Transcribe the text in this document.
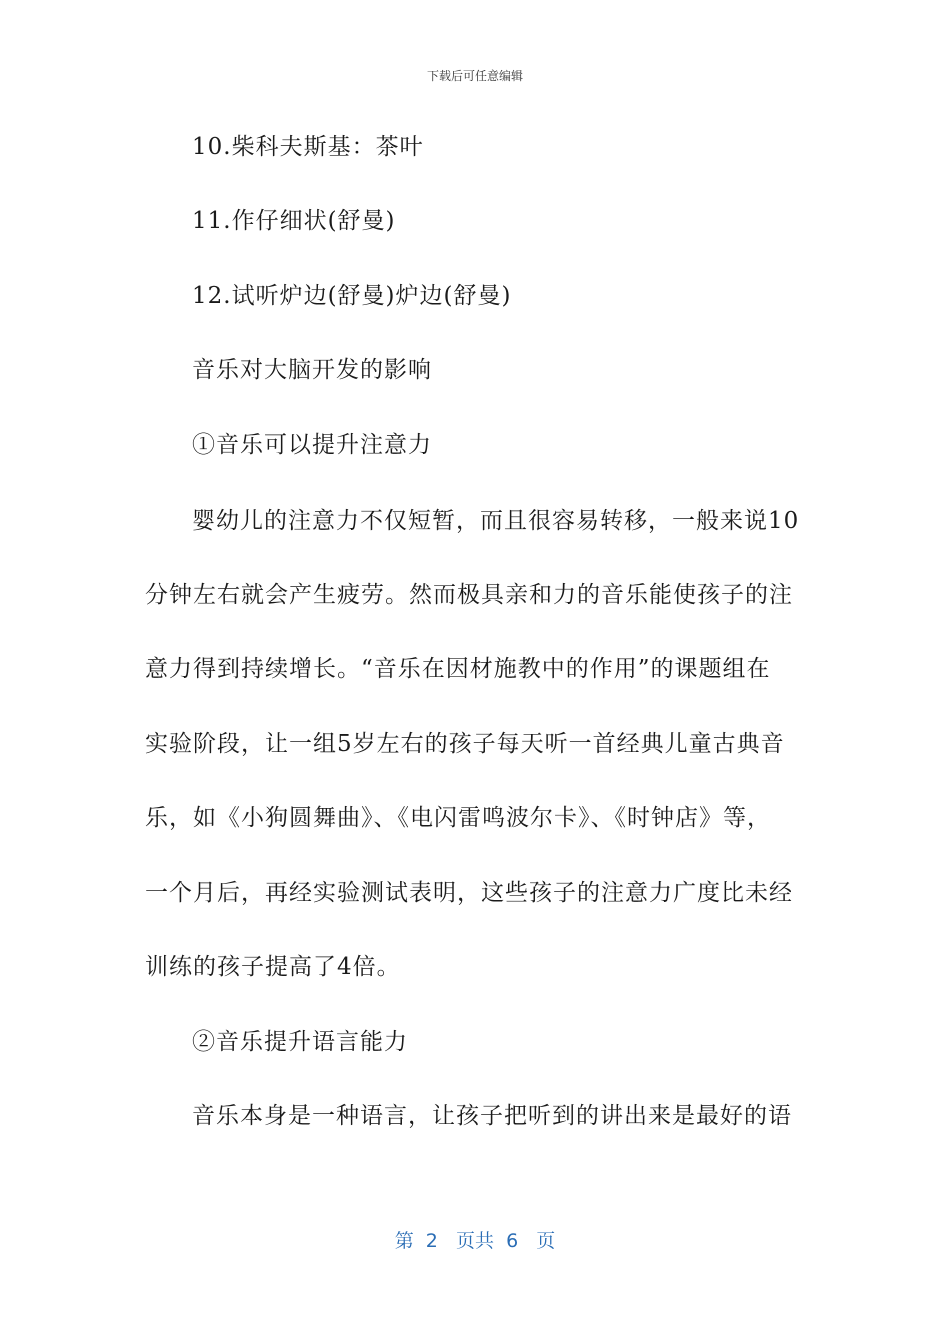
下载后可任意编辑
10.柴科夫斯基：茶叶
11.作仔细状(舒曼)
12.试听炉边(舒曼)炉边(舒曼)
音乐对大脑开发的影响
①音乐可以提升注意力
婴幼儿的注意力不仅短暂，而且很容易转移，一般来说10
分钟左右就会产生疲劳。然而极具亲和力的音乐能使孩子的注
意力得到持续增长。“音乐在因材施教中的作用”的课题组在
实验阶段，让一组5岁左右的孩子每天听一首经典儿童古典音
乐，如《小狗圆舞曲》、《电闪雷鸣波尔卡》、《时钟店》等，
一个月后，再经实验测试表明，这些孩子的注意力广度比未经
训练的孩子提高了4倍。
②音乐提升语言能力
音乐本身是一种语言，让孩子把听到的讲出来是最好的语
第  2   页共  6   页
